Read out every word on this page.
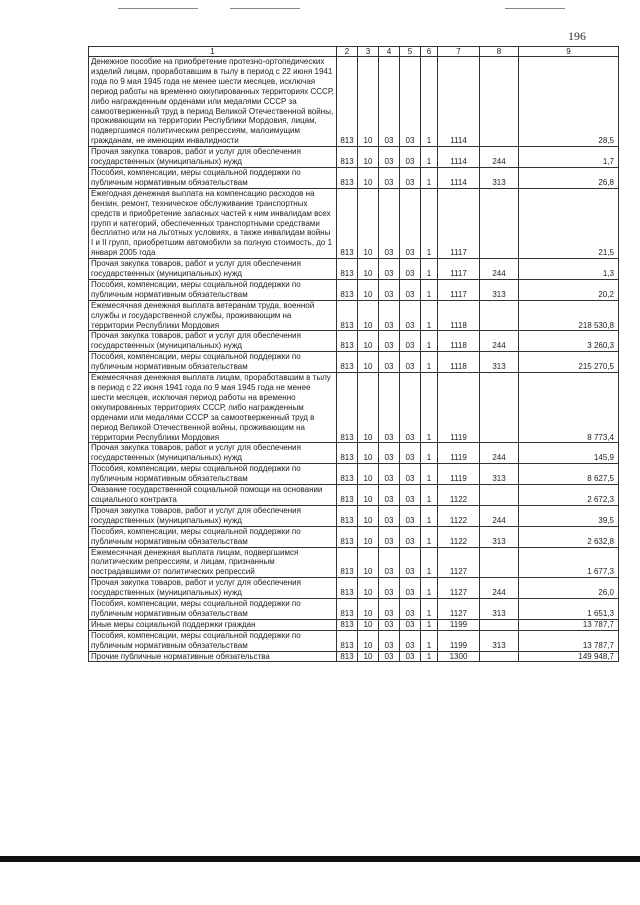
196
1	2	3	4	5	6	7	8	9
Денежное пособие на приобретение протезно-ортопедических изделий лицам, проработавшим в тылу в период с 22 июня 1941 года по 9 мая 1945 года не менее шести месяцев, исключая период работы на временно оккупированных территориях СССР, либо награжденным орденами или медалями СССР за самоотверженный труд в период Великой Отечественной войны, проживающим на территории Республики Мордовия, лицам, подвергшимся политическим репрессиям, малоимущим гражданам, не имеющим инвалидности	813	10	03	03	1	1114		28,5
Прочая закупка товаров, работ и услуг для обеспечения государственных (муниципальных) нужд	813	10	03	03	1	1114	244	1,7
Пособия, компенсации, меры социальной поддержки по публичным нормативным обязательствам	813	10	03	03	1	1114	313	26,8
Ежегодная денежная выплата на компенсацию расходов на бензин, ремонт, техническое обслуживание транспортных средств и приобретение запасных частей к ним инвалидам всех групп и категорий, обеспеченных транспортными средствами бесплатно или на льготных условиях, а также инвалидам войны I и II групп, приобретшим автомобили за полную стоимость, до 1 января 2005 года	813	10	03	03	1	1117		21,5
Прочая закупка товаров, работ и услуг для обеспечения государственных (муниципальных) нужд	813	10	03	03	1	1117	244	1,3
Пособия, компенсации, меры социальной поддержки по публичным нормативным обязательствам	813	10	03	03	1	1117	313	20,2
Ежемесячная денежная выплата ветеранам труда, военной службы и государственной службы, проживающим на территории Республики Мордовия	813	10	03	03	1	1118		218 530,8
Прочая закупка товаров, работ и услуг для обеспечения государственных (муниципальных) нужд	813	10	03	03	1	1118	244	3 260,3
Пособия, компенсации, меры социальной поддержки по публичным нормативным обязательствам	813	10	03	03	1	1118	313	215 270,5
Ежемесячная денежная выплата лицам, проработавшим в тылу в период с 22 июня 1941 года по 9 мая 1945 года не менее шести месяцев, исключая период работы на временно оккупированных территориях СССР, либо награжденным орденами или медалями СССР за самоотверженный труд в период Великой Отечественной войны, проживающим на территории Республики Мордовия	813	10	03	03	1	1119		8 773,4
Прочая закупка товаров, работ и услуг для обеспечения государственных (муниципальных) нужд	813	10	03	03	1	1119	244	145,9
Пособия, компенсации, меры социальной поддержки по публичным нормативным обязательствам	813	10	03	03	1	1119	313	8 627,5
Оказание государственной социальной помощи на основании социального контракта	813	10	03	03	1	1122		2 672,3
Прочая закупка товаров, работ и услуг для обеспечения государственных (муниципальных) нужд	813	10	03	03	1	1122	244	39,5
Пособия, компенсации, меры социальной поддержки по публичным нормативным обязательствам	813	10	03	03	1	1122	313	2 632,8
Ежемесячная денежная выплата лицам, подвергшимся политическим репрессиям, и лицам, признанным пострадавшими от политических репрессий	813	10	03	03	1	1127		1 677,3
Прочая закупка товаров, работ и услуг для обеспечения государственных (муниципальных) нужд	813	10	03	03	1	1127	244	26,0
Пособия, компенсации, меры социальной поддержки по публичным нормативным обязательствам	813	10	03	03	1	1127	313	1 651,3
Иные меры социальной поддержки граждан	813	10	03	03	1	1199		13 787,7
Пособия, компенсации, меры социальной поддержки по публичным нормативным обязательствам	813	10	03	03	1	1199	313	13 787,7
Прочие публичные нормативные обязательства	813	10	03	03	1	1300		149 948,7
